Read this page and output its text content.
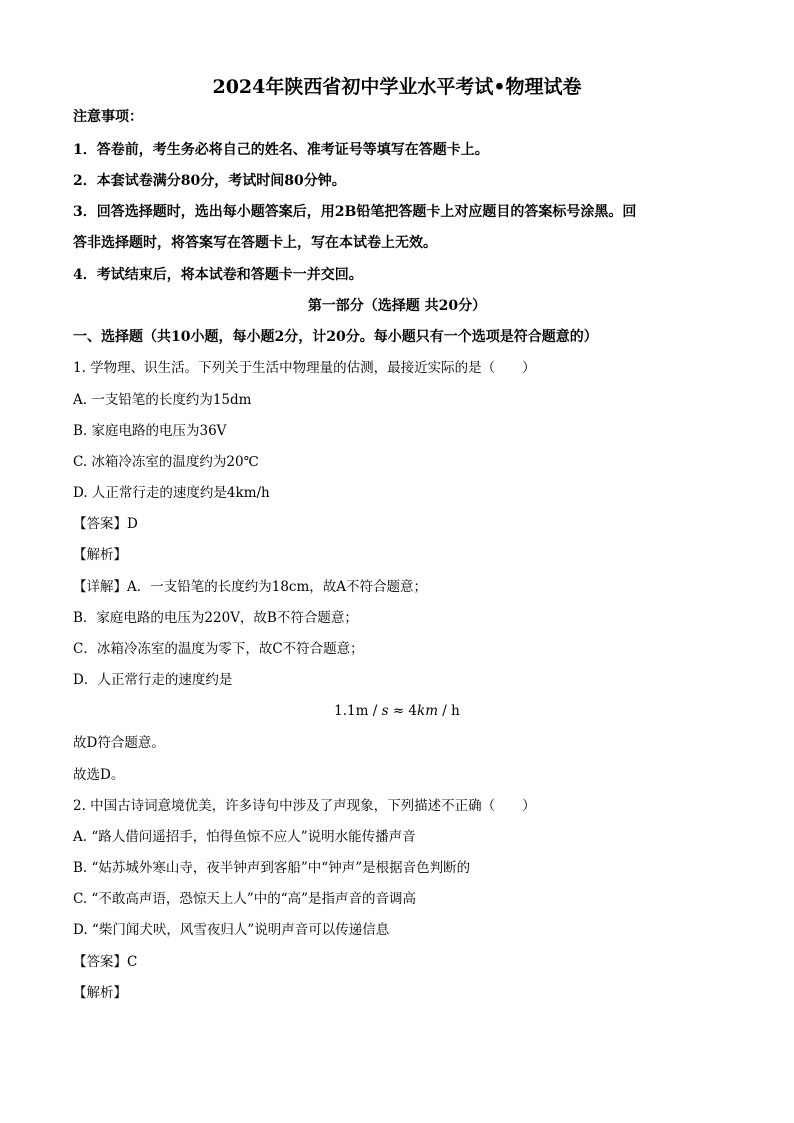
2024年陕西省初中学业水平考试•物理试卷
注意事项：
1．答卷前，考生务必将自己的姓名、准考证号等填写在答题卡上。
2．本套试卷满分80分，考试时间80分钟。
3．回答选择题时，选出每小题答案后，用2B铅笔把答题卡上对应题目的答案标号涂黑。回
答非选择题时，将答案写在答题卡上，写在本试卷上无效。
4．考试结束后，将本试卷和答题卡一并交回。
第一部分（选择题 共20分）
一、选择题（共10小题，每小题2分，计20分。每小题只有一个选项是符合题意的）
1. 学物理、识生活。下列关于生活中物理量的估测，最接近实际的是（　　）
A. 一支铅笔的长度约为15dm
B. 家庭电路的电压为36V
C. 冰箱冷冻室的温度约为20℃
D. 人正常行走的速度约是4km/h
【答案】D
【解析】
【详解】A．一支铅笔的长度约为18cm，故A不符合题意；
B．家庭电路的电压为220V，故B不符合题意；
C．冰箱冷冻室的温度为零下，故C不符合题意；
D．人正常行走的速度约是
1.1m / s ≈ 4km / h
故D符合题意。
故选D。
2. 中国古诗词意境优美，许多诗句中涉及了声现象，下列描述不正确（　　）
A. “路人借问遥招手，怕得鱼惊不应人”说明水能传播声音
B. “姑苏城外寒山寺，夜半钟声到客船”中“钟声”是根据音色判断的
C. “不敢高声语，恐惊天上人”中的“高”是指声音的音调高
D. “柴门闻犬吠，风雪夜归人”说明声音可以传递信息
【答案】C
【解析】
